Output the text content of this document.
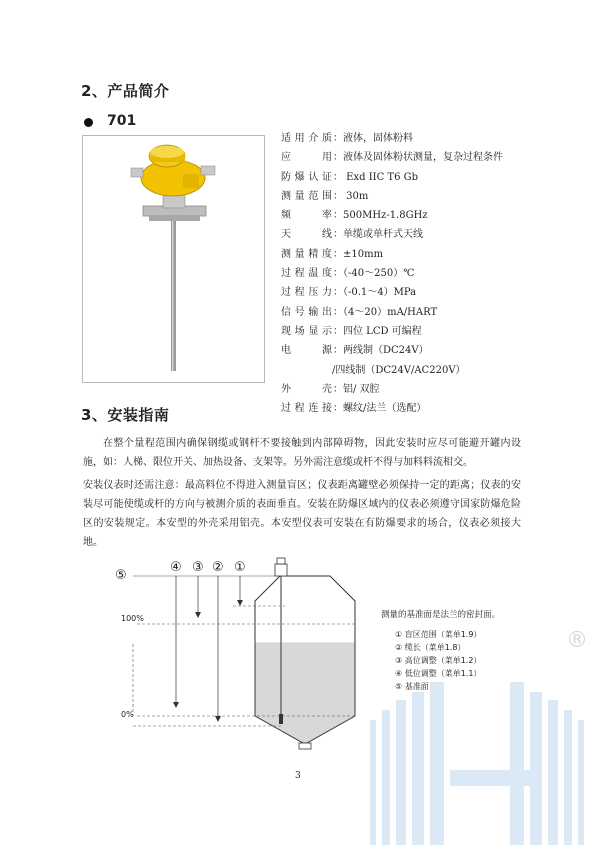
2、产品简介
701
适用介质：液体，固体粉料
应用：液体及固体粉状测量，复杂过程条件
防爆认证： Exd IIC T6 Gb
测量范围： 30m
频率：500MHz-1.8GHz
天线：单缆或单杆式天线
测量精度：±10mm
过程温度：（-40～250）℃
过程压力：（-0.1～4）MPa
信号输出：（4～20）mA/HART
现场显示：四位 LCD 可编程
电源：两线制（DC24V）
/四线制（DC24V/AC220V）
外壳：铝/ 双腔
过程连接：螺纹/法兰（选配）
3、安装指南
在整个量程范围内确保钢缆或钢杆不要接触到内部障碍物，因此安装时应尽可能避开罐内设施，如：人梯、限位开关、加热设备、支架等。另外需注意缆或杆不得与加料料流相交。
安装仪表时还需注意：最高料位不得进入测量盲区；仪表距离罐壁必须保持一定的距离；仪表的安装尽可能使缆或杆的方向与被测介质的表面垂直。安装在防爆区域内的仪表必须遵守国家防爆危险区的安装规定。本安型的外壳采用铝壳。本安型仪表可安装在有防爆要求的场合，仪表必须接大地。
®
⑤
④ ③ ② ①
100%
0%
测量的基准面是法兰的密封面。
① 盲区范围（菜单1.9）
② 缆长（菜单1.8）
③ 高位调整（菜单1.2）
④ 低位调整（菜单1.1）
⑤ 基准面
3
